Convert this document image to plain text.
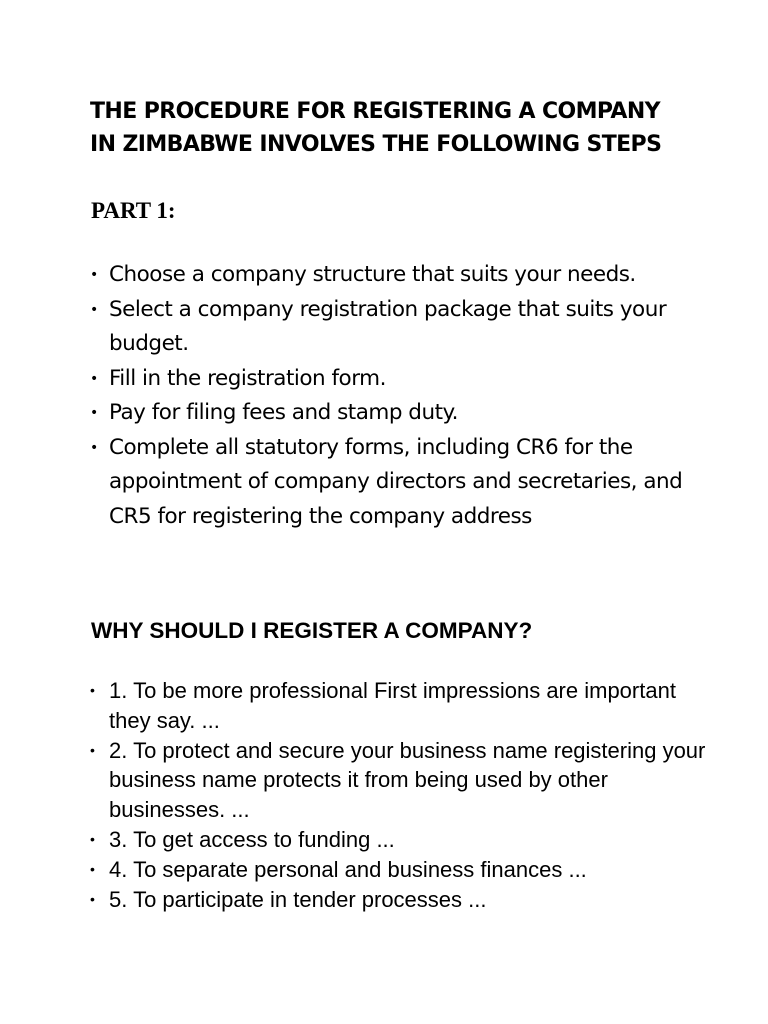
THE PROCEDURE FOR REGISTERING A COMPANY
IN ZIMBABWE INVOLVES THE FOLLOWING STEPS
PART 1:
• Choose a company structure that suits your needs.
• Select a company registration package that suits your budget.
• Fill in the registration form.
• Pay for filing fees and stamp duty.
• Complete all statutory forms, including CR6 for the appointment of company directors and secretaries, and CR5 for registering the company address
WHY SHOULD I REGISTER A COMPANY?
• 1. To be more professional First impressions are important they say. ...
• 2. To protect and secure your business name registering your business name protects it from being used by other businesses. ...
• 3. To get access to funding ...
• 4. To separate personal and business finances ...
• 5. To participate in tender processes ...
